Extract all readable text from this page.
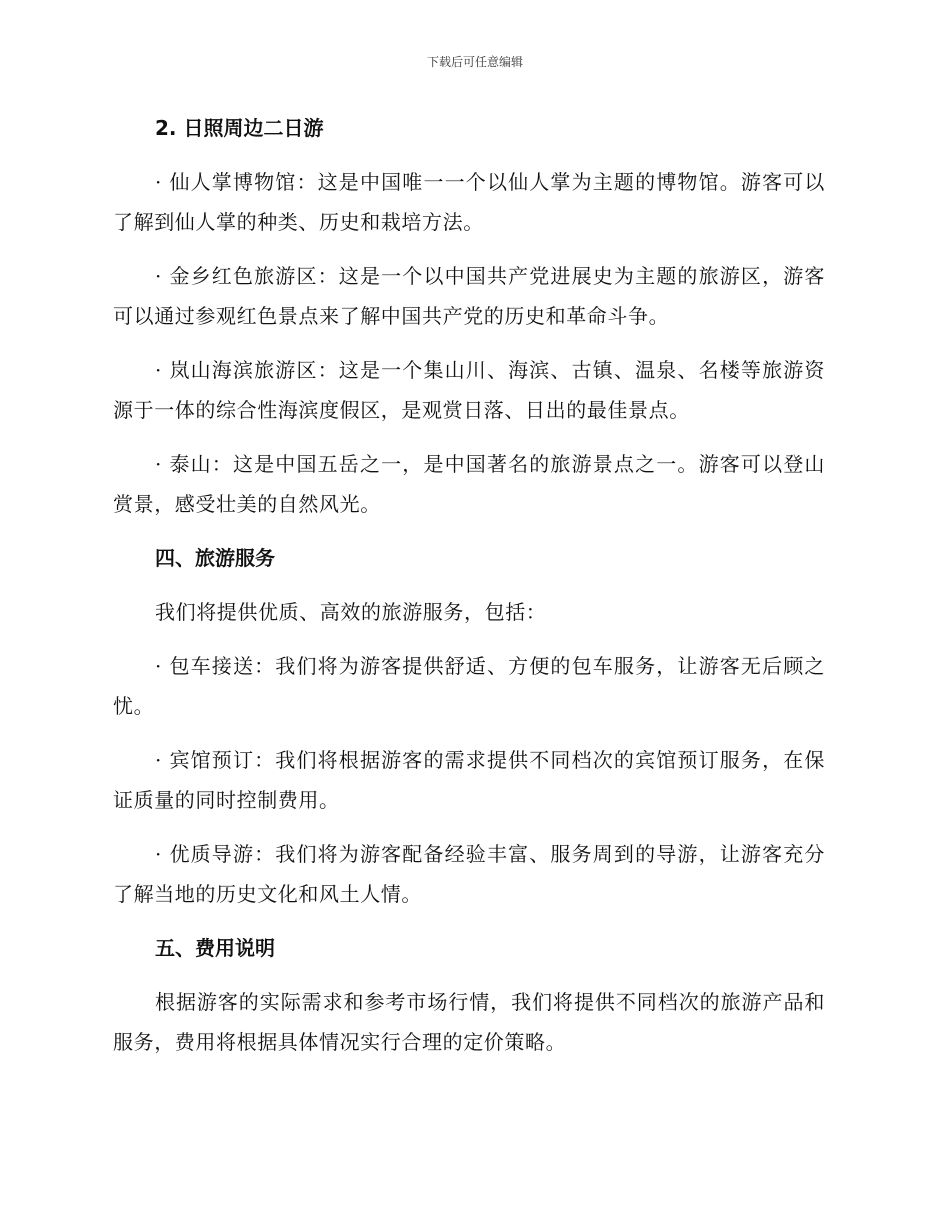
下载后可任意编辑

2. 日照周边二日游

· 仙人掌博物馆：这是中国唯一一个以仙人掌为主题的博物馆。游客可以了解到仙人掌的种类、历史和栽培方法。

· 金乡红色旅游区：这是一个以中国共产党进展史为主题的旅游区，游客可以通过参观红色景点来了解中国共产党的历史和革命斗争。

· 岚山海滨旅游区：这是一个集山川、海滨、古镇、温泉、名楼等旅游资源于一体的综合性海滨度假区，是观赏日落、日出的最佳景点。

· 泰山：这是中国五岳之一，是中国著名的旅游景点之一。游客可以登山赏景，感受壮美的自然风光。

四、旅游服务

我们将提供优质、高效的旅游服务，包括：

· 包车接送：我们将为游客提供舒适、方便的包车服务，让游客无后顾之忧。

· 宾馆预订：我们将根据游客的需求提供不同档次的宾馆预订服务，在保证质量的同时控制费用。

· 优质导游：我们将为游客配备经验丰富、服务周到的导游，让游客充分了解当地的历史文化和风土人情。

五、费用说明

根据游客的实际需求和参考市场行情，我们将提供不同档次的旅游产品和服务，费用将根据具体情况实行合理的定价策略。
